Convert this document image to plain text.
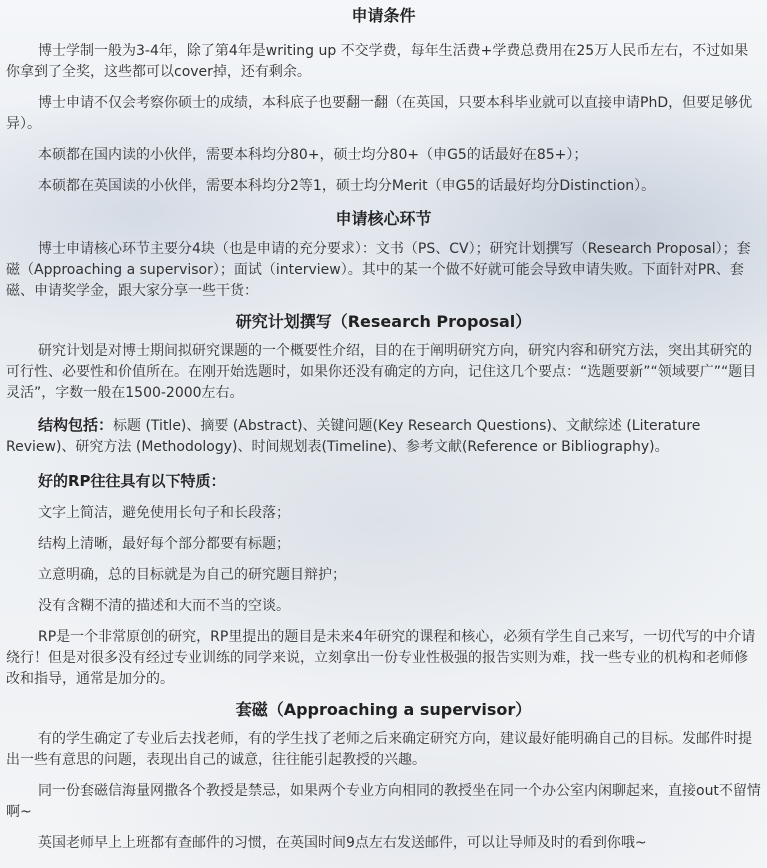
申请条件

博士学制一般为3-4年，除了第4年是writing up 不交学费，每年生活费+学费总费用在25万人民币左右，不过如果你拿到了全奖，这些都可以cover掉，还有剩余。

博士申请不仅会考察你硕士的成绩，本科底子也要翻一翻（在英国，只要本科毕业就可以直接申请PhD，但要足够优异）。

本硕都在国内读的小伙伴，需要本科均分80+，硕士均分80+（申G5的话最好在85+）；

本硕都在英国读的小伙伴，需要本科均分2等1，硕士均分Merit（申G5的话最好均分Distinction）。

申请核心环节

博士申请核心环节主要分4块（也是申请的充分要求）：文书（PS、CV）；研究计划撰写（Research Proposal）；套磁（Approaching a supervisor）；面试（interview）。其中的某一个做不好就可能会导致申请失败。下面针对PR、套磁、申请奖学金，跟大家分享一些干货：

研究计划撰写（Research Proposal）

研究计划是对博士期间拟研究课题的一个概要性介绍，目的在于阐明研究方向，研究内容和研究方法，突出其研究的可行性、必要性和价值所在。在刚开始选题时，如果你还没有确定的方向，记住这几个要点：“选题要新”“领域要广”“题目灵活”，字数一般在1500-2000左右。

结构包括：标题 (Title)、摘要 (Abstract)、关键问题(Key Research Questions)、文献综述 (Literature Review)、研究方法 (Methodology)、时间规划表(Timeline)、参考文献(Reference or Bibliography)。

好的RP往往具有以下特质：

文字上简洁，避免使用长句子和长段落；

结构上清晰，最好每个部分都要有标题；

立意明确，总的目标就是为自己的研究题目辩护；

没有含糊不清的描述和大而不当的空谈。

RP是一个非常原创的研究，RP里提出的题目是未来4年研究的课程和核心，必须有学生自己来写，一切代写的中介请绕行！但是对很多没有经过专业训练的同学来说，立刻拿出一份专业性极强的报告实则为难，找一些专业的机构和老师修改和指导，通常是加分的。

套磁（Approaching a supervisor）

有的学生确定了专业后去找老师，有的学生找了老师之后来确定研究方向，建议最好能明确自己的目标。发邮件时提出一些有意思的问题，表现出自己的诚意，往往能引起教授的兴趣。

同一份套磁信海量网撒各个教授是禁忌，如果两个专业方向相同的教授坐在同一个办公室内闲聊起来，直接out不留情啊~

英国老师早上上班都有查邮件的习惯，在英国时间9点左右发送邮件，可以让导师及时的看到你哦~
